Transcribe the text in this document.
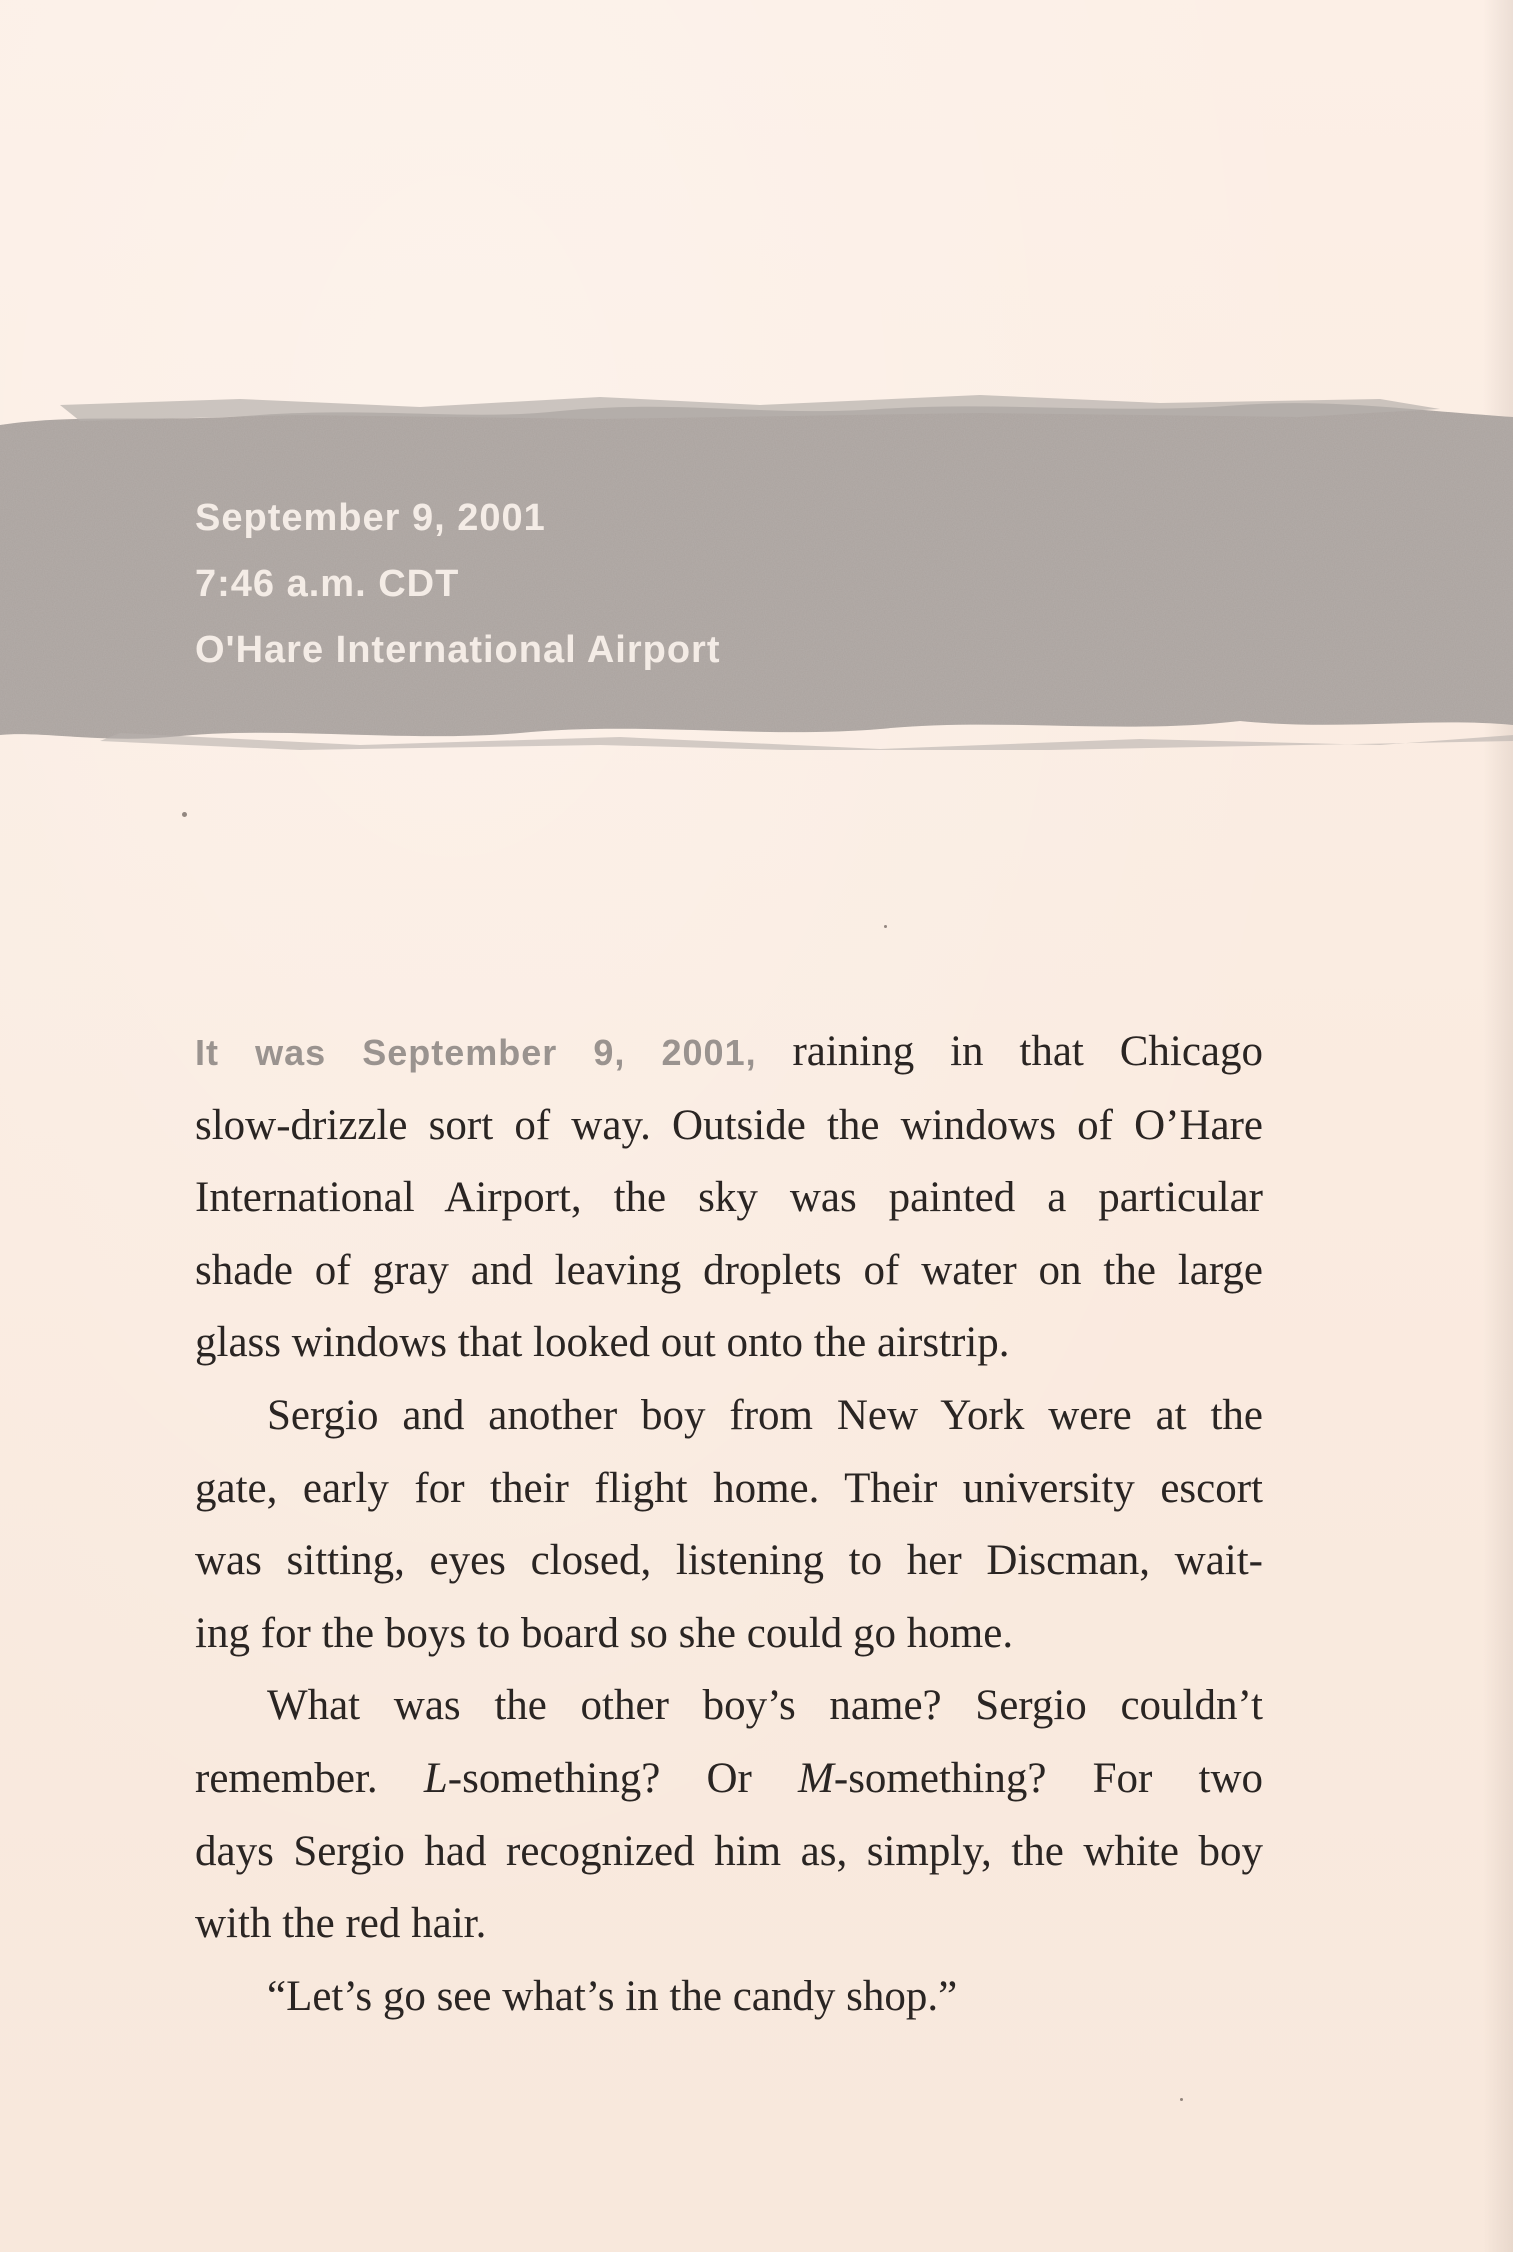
September 9, 2001
7:46 a.m. CDT
O'Hare International Airport

It was September 9, 2001, raining in that Chicago
slow-drizzle sort of way. Outside the windows of O’Hare
International Airport, the sky was painted a particular
shade of gray and leaving droplets of water on the large
glass windows that looked out onto the airstrip.

Sergio and another boy from New York were at the

gate, early for their flight home. Their university escort
was sitting, eyes closed, listening to her Discman, wait-
ing for the boys to board so she could go home.

What was the other boy’s name? Sergio couldn’t

remember. L-something? Or M-something? For two
days Sergio had recognized him as, simply, the white boy
with the red hair.

“Let’s go see what’s in the candy shop.”
